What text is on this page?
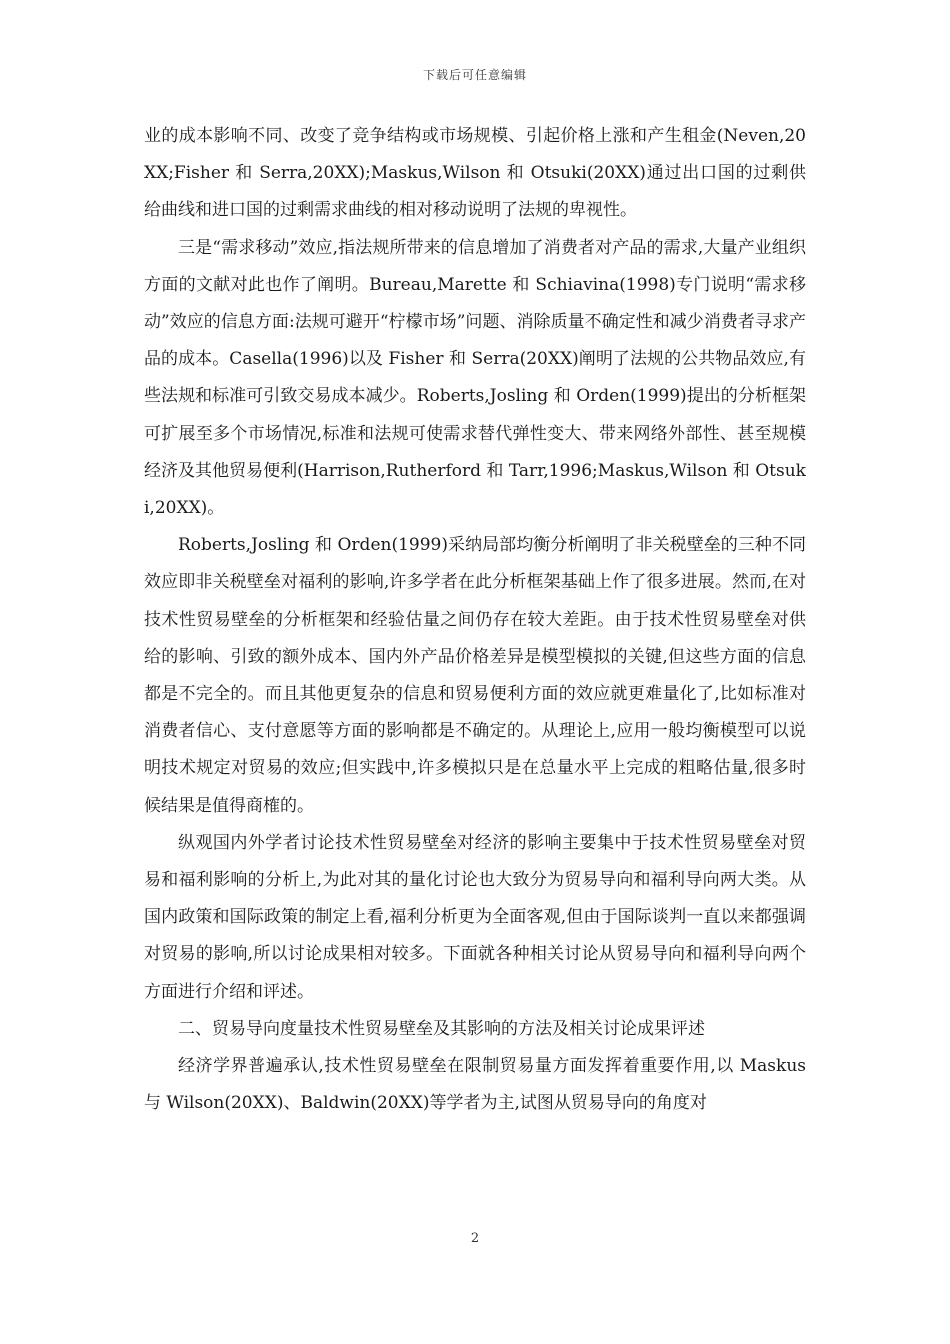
下载后可任意编辑

业的成本影响不同、改变了竞争结构或市场规模、引起价格上涨和产生租金(Neven,20XX;Fisher 和 Serra,20XX);Maskus,Wilson 和 Otsuki(20XX)通过出口国的过剩供给曲线和进口国的过剩需求曲线的相对移动说明了法规的卑视性。

三是“需求移动”效应,指法规所带来的信息增加了消费者对产品的需求,大量产业组织方面的文献对此也作了阐明。Bureau,Marette 和 Schiavina(1998)专门说明“需求移动”效应的信息方面:法规可避开“柠檬市场”问题、消除质量不确定性和减少消费者寻求产品的成本。Casella(1996)以及 Fisher 和 Serra(20XX)阐明了法规的公共物品效应,有些法规和标准可引致交易成本减少。Roberts,Josling 和 Orden(1999)提出的分析框架可扩展至多个市场情况,标准和法规可使需求替代弹性变大、带来网络外部性、甚至规模经济及其他贸易便利(Harrison,Rutherford 和 Tarr,1996;Maskus,Wilson 和 Otsuki,20XX)。

Roberts,Josling 和 Orden(1999)采纳局部均衡分析阐明了非关税壁垒的三种不同效应即非关税壁垒对福利的影响,许多学者在此分析框架基础上作了很多进展。然而,在对技术性贸易壁垒的分析框架和经验估量之间仍存在较大差距。由于技术性贸易壁垒对供给的影响、引致的额外成本、国内外产品价格差异是模型模拟的关键,但这些方面的信息都是不完全的。而且其他更复杂的信息和贸易便利方面的效应就更难量化了,比如标准对消费者信心、支付意愿等方面的影响都是不确定的。从理论上,应用一般均衡模型可以说明技术规定对贸易的效应;但实践中,许多模拟只是在总量水平上完成的粗略估量,很多时候结果是值得商榷的。

纵观国内外学者讨论技术性贸易壁垒对经济的影响主要集中于技术性贸易壁垒对贸易和福利影响的分析上,为此对其的量化讨论也大致分为贸易导向和福利导向两大类。从国内政策和国际政策的制定上看,福利分析更为全面客观,但由于国际谈判一直以来都强调对贸易的影响,所以讨论成果相对较多。下面就各种相关讨论从贸易导向和福利导向两个方面进行介绍和评述。

二、贸易导向度量技术性贸易壁垒及其影响的方法及相关讨论成果评述

经济学界普遍承认,技术性贸易壁垒在限制贸易量方面发挥着重要作用,以 Maskus 与 Wilson(20XX)、Baldwin(20XX)等学者为主,试图从贸易导向的角度对

2
